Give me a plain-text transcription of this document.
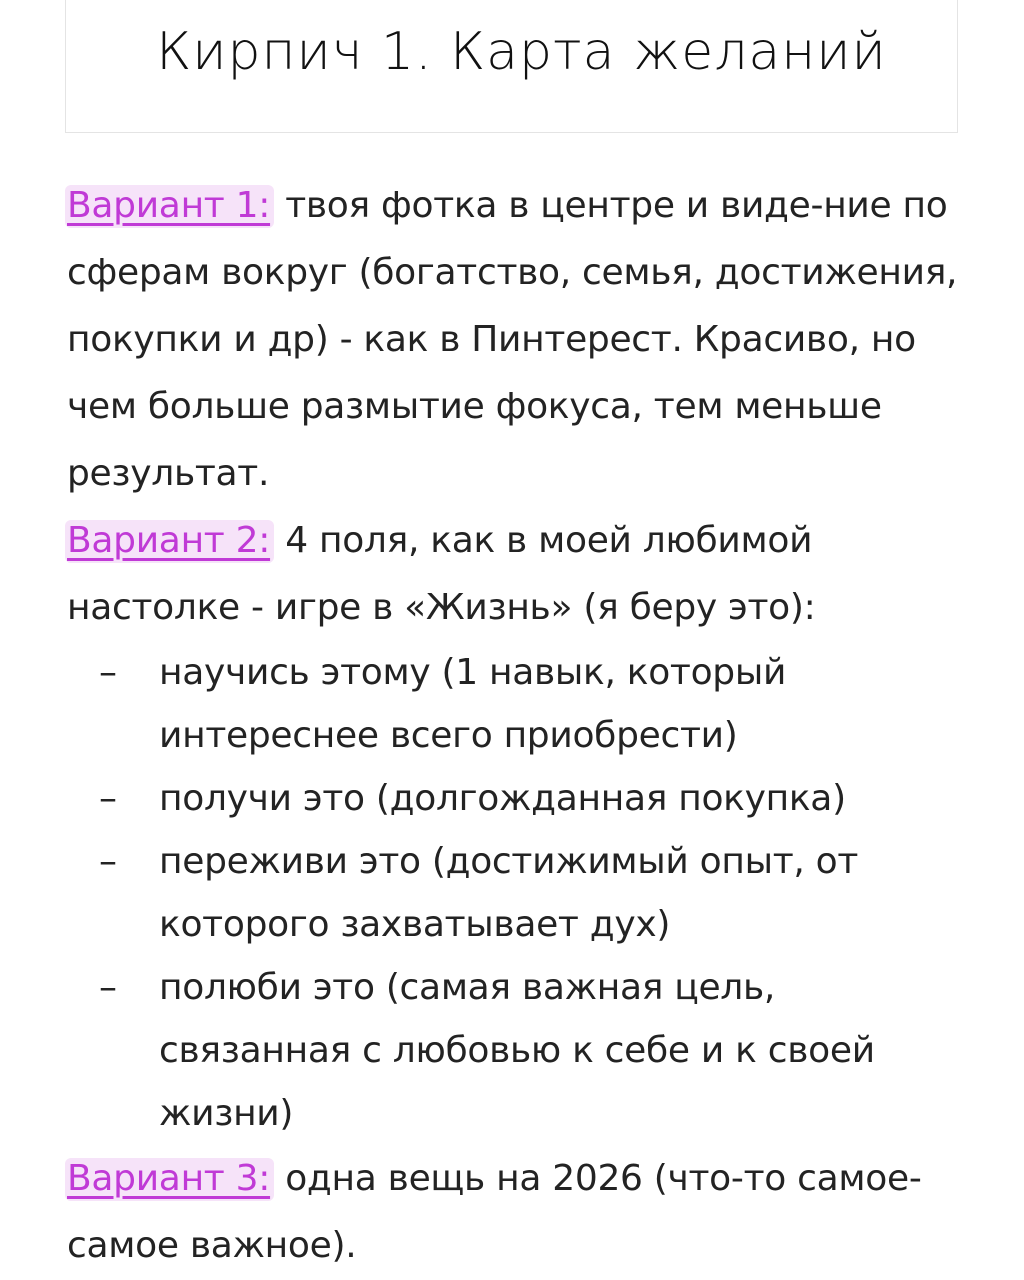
Кирпич 1. Карта желаний

Вариант 1: твоя фотка в центре и виде-ние по сферам вокруг (богатство, семья, достижения, покупки и др) - как в Пинтерест. Красиво, но чем больше размытие фокуса, тем меньше результат.

Вариант 2: 4 поля, как в моей любимой настолке - игре в «Жизнь» (я беру это):

– научись этому (1 навык, который интереснее всего приобрести)
– получи это (долгожданная покупка)
– переживи это (достижимый опыт, от которого захватывает дух)
– полюби это (самая важная цель, связанная с любовью к себе и к своей жизни)

Вариант 3: одна вещь на 2026 (что-то самое-самое важное).
